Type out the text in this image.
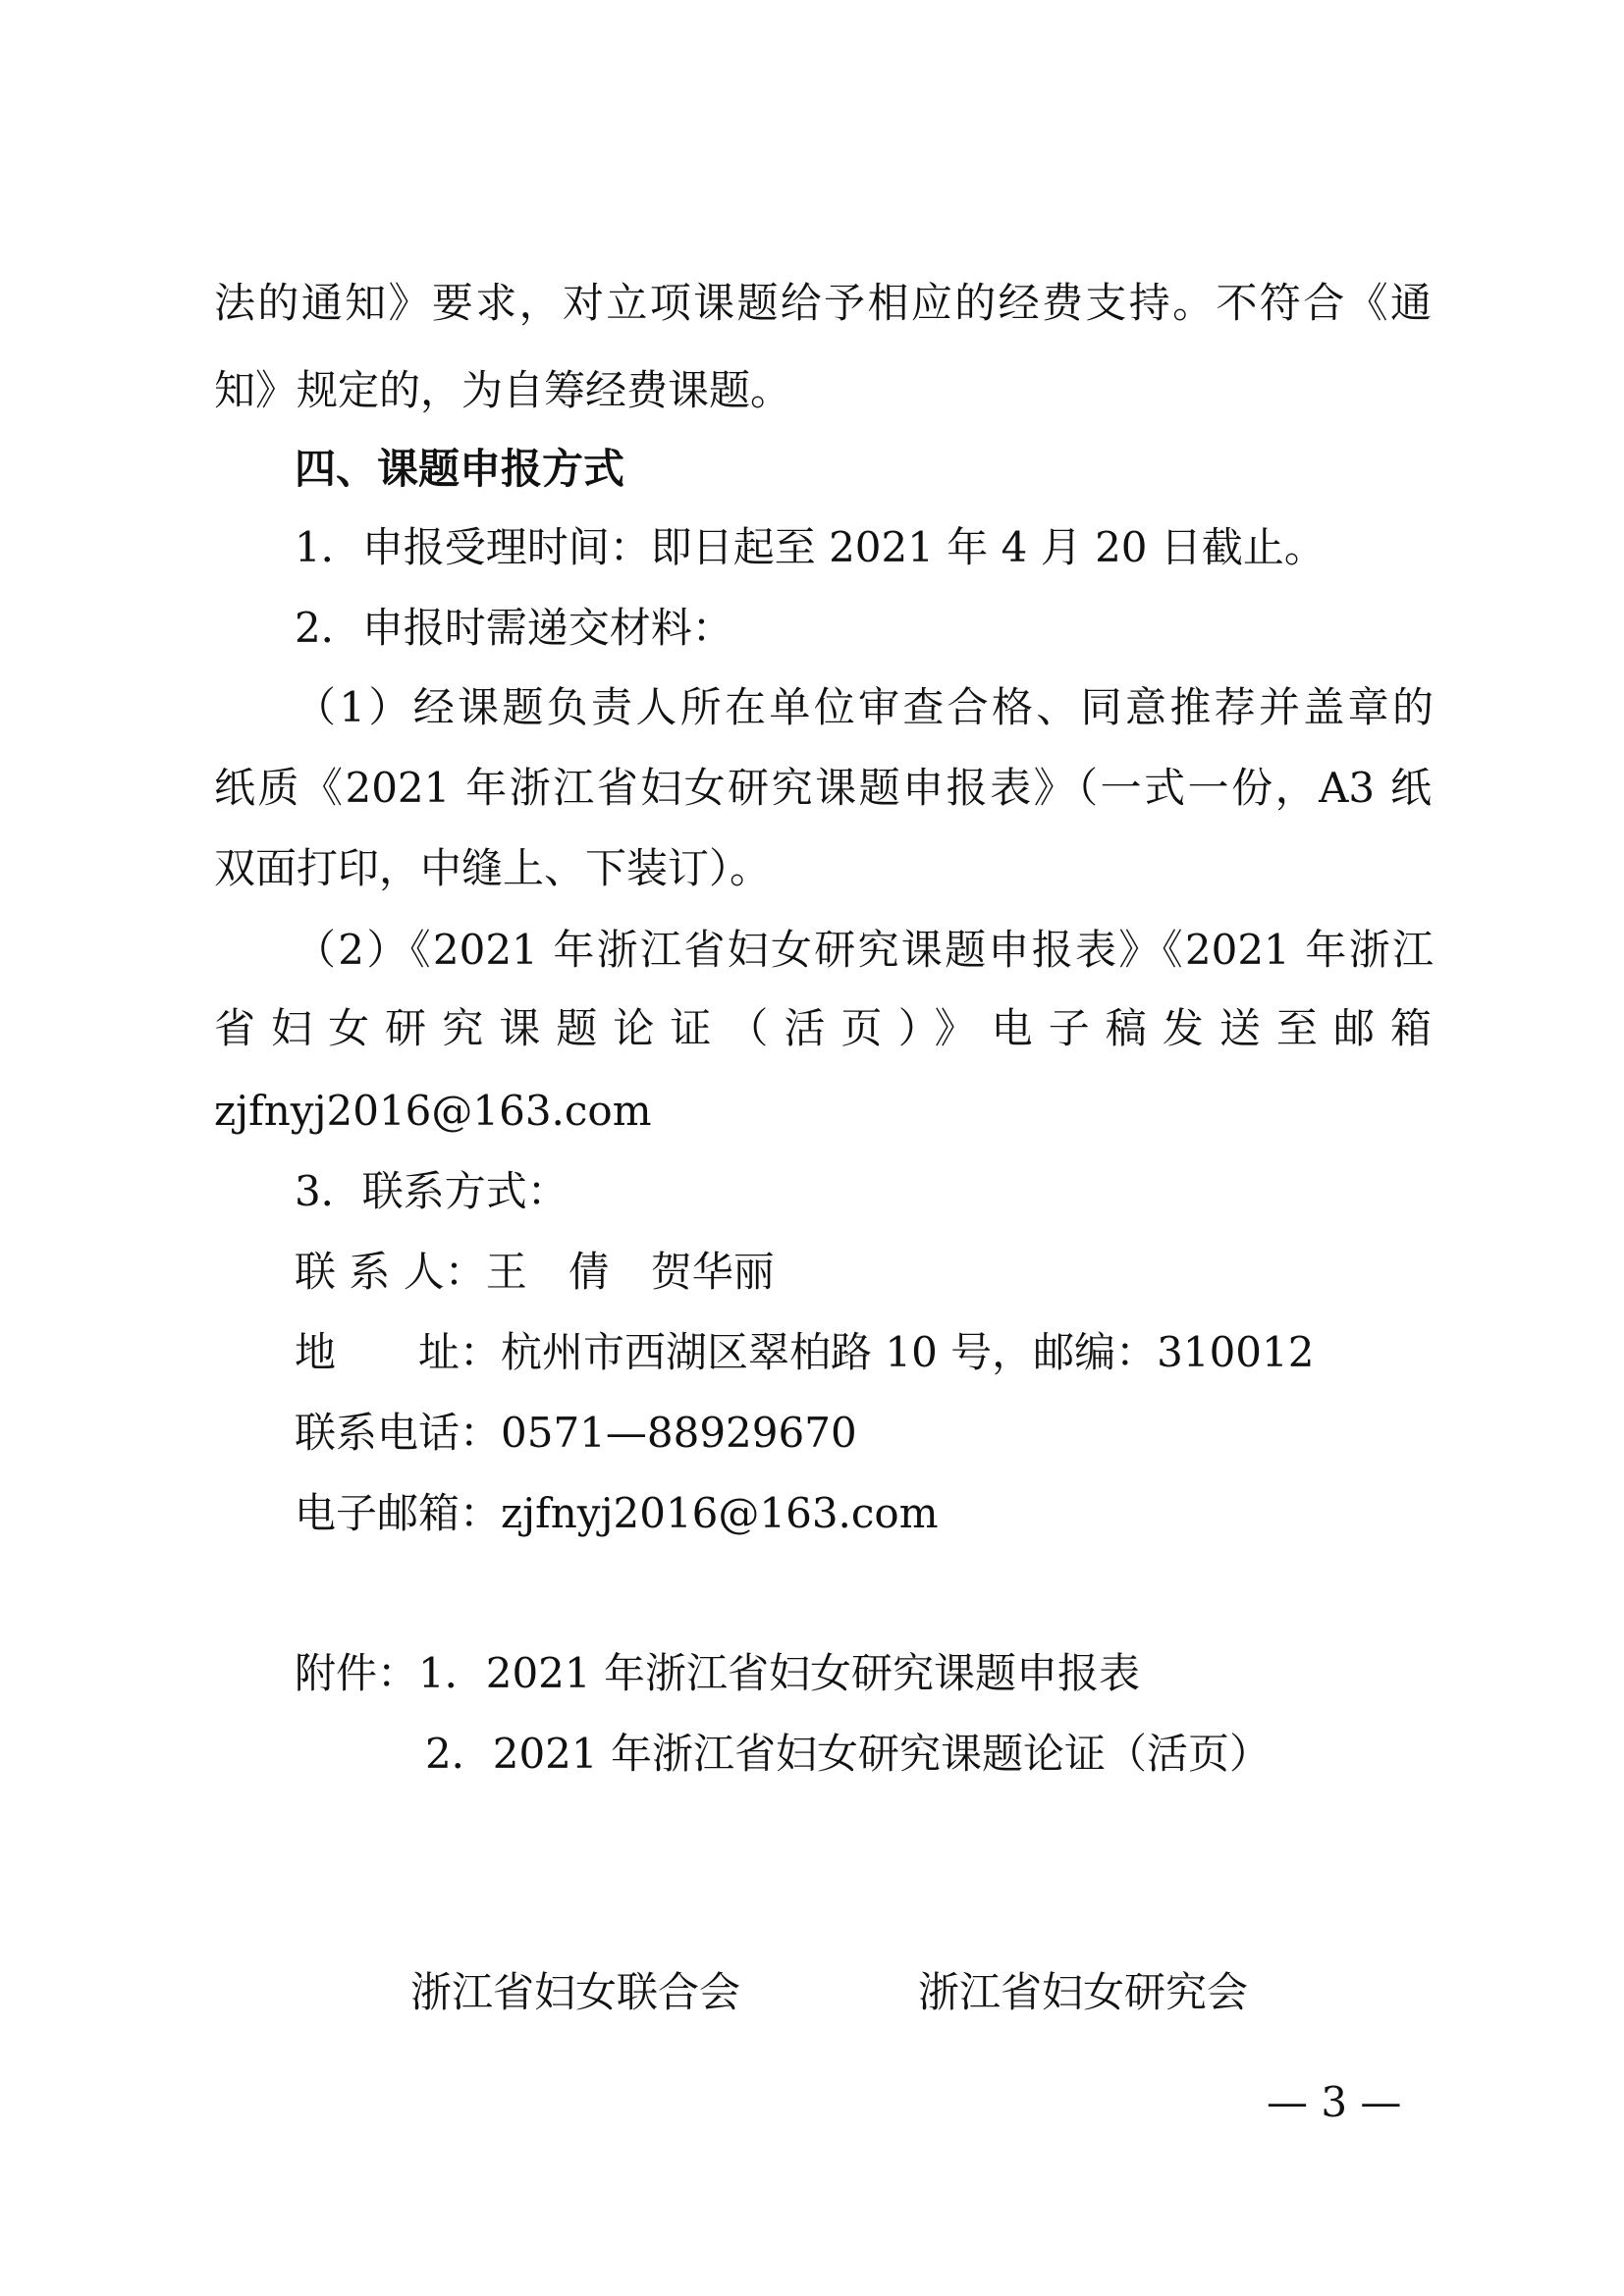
法的通知》要求，对立项课题给予相应的经费支持。不符合《通
知》规定的，为自筹经费课题。
四、课题申报方式
1．申报受理时间：即日起至 2021 年 4 月 20 日截止。
2．申报时需递交材料：
（1）经课题负责人所在单位审查合格、同意推荐并盖章的
纸质《2021 年浙江省妇女研究课题申报表》（一式一份，A3 纸
双面打印，中缝上、下装订）。
（2）《2021 年浙江省妇女研究课题申报表》《2021 年浙江
省妇女研究课题论证（活页）》电子稿发送至邮箱
zjfnyj2016@163.com
3．联系方式：
联 系 人：王　倩　贺华丽
地　　址：杭州市西湖区翠柏路 10 号，邮编：310012
联系电话：0571—88929670
电子邮箱：zjfnyj2016@163.com
附件：1．2021 年浙江省妇女研究课题申报表
2．2021 年浙江省妇女研究课题论证（活页）
浙江省妇女联合会	浙江省妇女研究会
— 3 —
